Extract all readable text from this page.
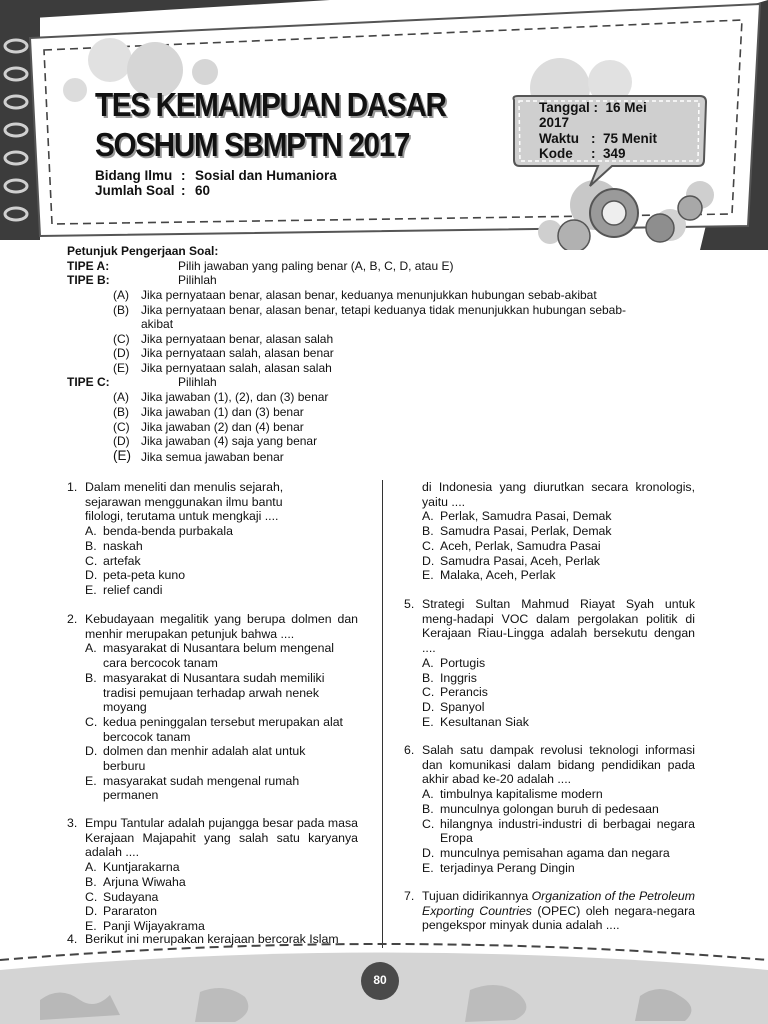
TES KEMAMPUAN DASAR
SOSHUM SBMPTN 2017
Bidang Ilmu : Sosial dan Humaniora
Jumlah Soal : 60
Tanggal : 16 Mei
2017
Waktu : 75 Menit
Kode : 349
Petunjuk Pengerjaan Soal:
TIPE A:	Pilih jawaban yang paling benar (A, B, C, D, atau E)
TIPE B:	Pilihlah
(A) Jika pernyataan benar, alasan benar, keduanya menunjukkan hubungan sebab-akibat
(B) Jika pernyataan benar, alasan benar, tetapi keduanya tidak menunjukkan hubungan sebab-
akibat
(C) Jika pernyataan benar, alasan salah
(D) Jika pernyataan salah, alasan benar
(E) Jika pernyataan salah, alasan salah
TIPE C:	Pilihlah
(A) Jika jawaban (1), (2), dan (3) benar
(B) Jika jawaban (1) dan (3) benar
(C) Jika jawaban (2) dan (4) benar
(D) Jika jawaban (4) saja yang benar
(E) Jika semua jawaban benar
1. Dalam meneliti dan menulis sejarah, sejarawan menggunakan ilmu bantu filologi, terutama untuk mengkaji ....
A. benda-benda purbakala
B. naskah
C. artefak
D. peta-peta kuno
E. relief candi
2. Kebudayaan megalitik yang berupa dolmen dan menhir merupakan petunjuk bahwa ....
A. masyarakat di Nusantara belum mengenal cara bercocok tanam
B. masyarakat di Nusantara sudah memiliki tradisi pemujaan terhadap arwah nenek moyang
C. kedua peninggalan tersebut merupakan alat bercocok tanam
D. dolmen dan menhir adalah alat untuk berburu
E. masyarakat sudah mengenal rumah permanen
3. Empu Tantular adalah pujangga besar pada masa Kerajaan Majapahit yang salah satu karyanya adalah ....
A. Kuntjarakarna
B. Arjuna Wiwaha
C. Sudayana
D. Pararaton
E. Panji Wijayakrama
4. Berikut ini merupakan kerajaan bercorak Islam
di Indonesia yang diurutkan secara kronologis, yaitu ....
A. Perlak, Samudra Pasai, Demak
B. Samudra Pasai, Perlak, Demak
C. Aceh, Perlak, Samudra Pasai
D. Samudra Pasai, Aceh, Perlak
E. Malaka, Aceh, Perlak
5. Strategi Sultan Mahmud Riayat Syah untuk meng-hadapi VOC dalam pergolakan politik di Kerajaan Riau-Lingga adalah bersekutu dengan ....
A. Portugis
B. Inggris
C. Perancis
D. Spanyol
E. Kesultanan Siak
6. Salah satu dampak revolusi teknologi informasi dan komunikasi dalam bidang pendidikan pada akhir abad ke-20 adalah ....
A. timbulnya kapitalisme modern
B. munculnya golongan buruh di pedesaan
C. hilangnya industri-industri di berbagai negara Eropa
D. munculnya pemisahan agama dan negara
E. terjadinya Perang Dingin
7. Tujuan didirikannya Organization of the Petroleum Exporting Countries (OPEC) oleh negara-negara pengekspor minyak dunia adalah ....
80
